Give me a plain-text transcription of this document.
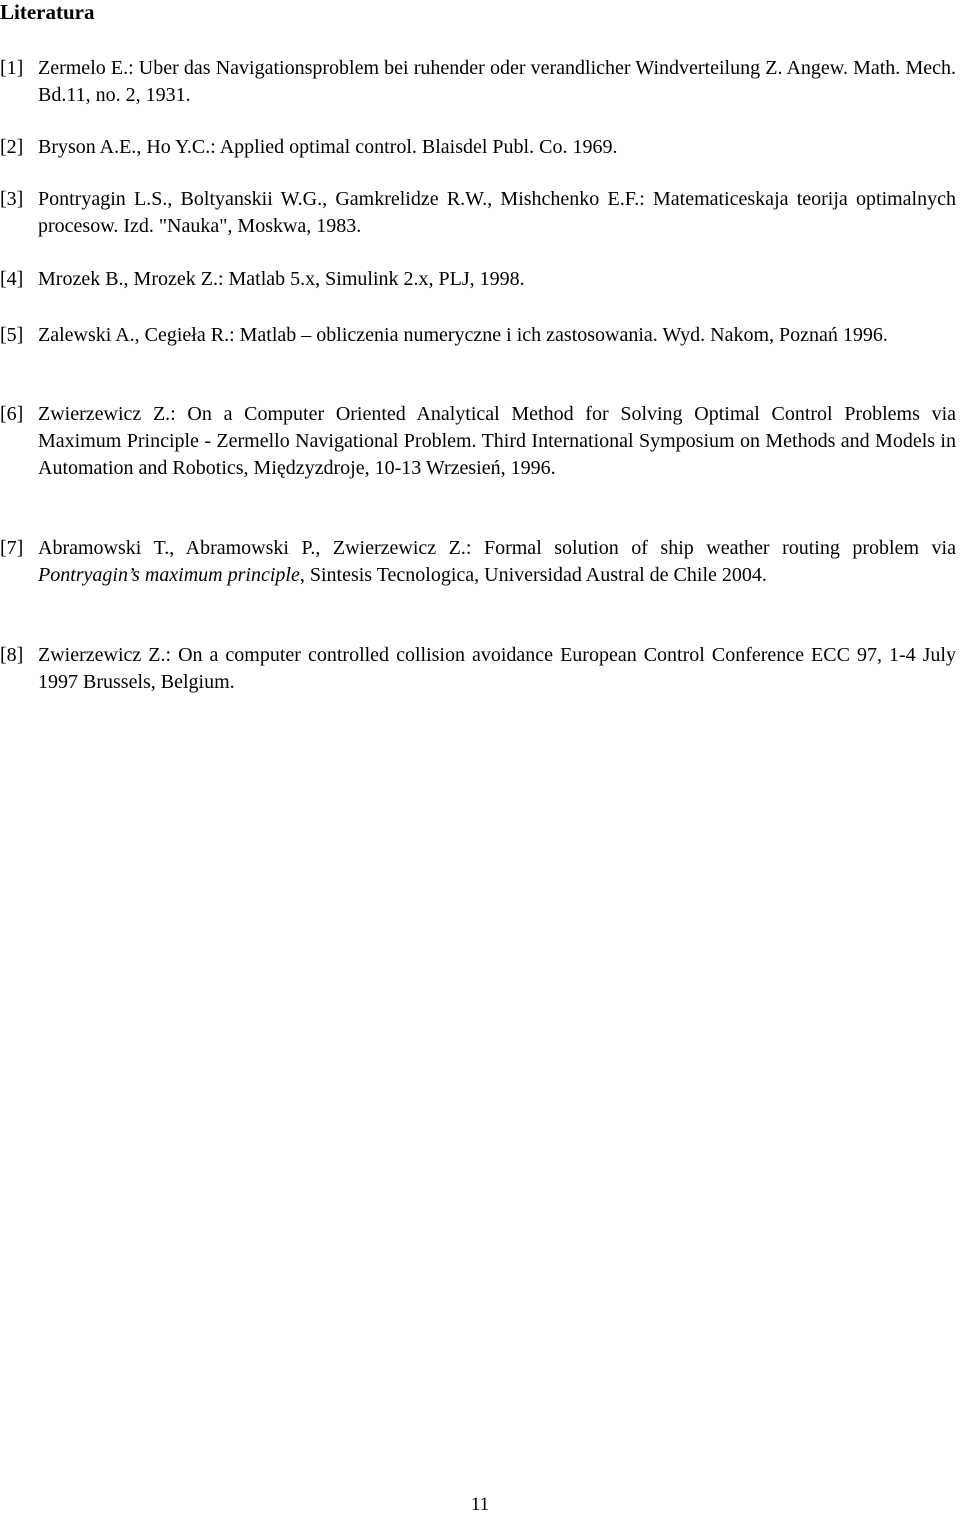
Literatura
[1] Zermelo E.: Uber das Navigationsproblem bei ruhender oder verandlicher Windverteilung Z. Angew. Math. Mech. Bd.11, no. 2, 1931.
[2] Bryson A.E., Ho Y.C.: Applied optimal control. Blaisdel Publ. Co. 1969.
[3] Pontryagin L.S., Boltyanskii W.G., Gamkrelidze R.W., Mishchenko E.F.: Matematiceskaja teorija optimalnych procesow. Izd. "Nauka", Moskwa, 1983.
[4] Mrozek B., Mrozek Z.: Matlab 5.x, Simulink 2.x, PLJ, 1998.
[5] Zalewski A., Cegieła R.: Matlab – obliczenia numeryczne i ich zastosowania. Wyd. Nakom, Poznań 1996.
[6] Zwierzewicz Z.: On a Computer Oriented Analytical Method for Solving Optimal Control Problems via Maximum Principle - Zermello Navigational Problem. Third International Symposium on Methods and Models in Automation and Robotics, Międzyzdroje, 10-13 Wrzesień, 1996.
[7] Abramowski T., Abramowski P., Zwierzewicz Z.: Formal solution of ship weather routing problem via Pontryagin’s maximum principle, Sintesis Tecnologica, Universidad Austral de Chile 2004.
[8] Zwierzewicz Z.: On a computer controlled collision avoidance European Control Conference ECC 97, 1-4 July 1997 Brussels, Belgium.
11
